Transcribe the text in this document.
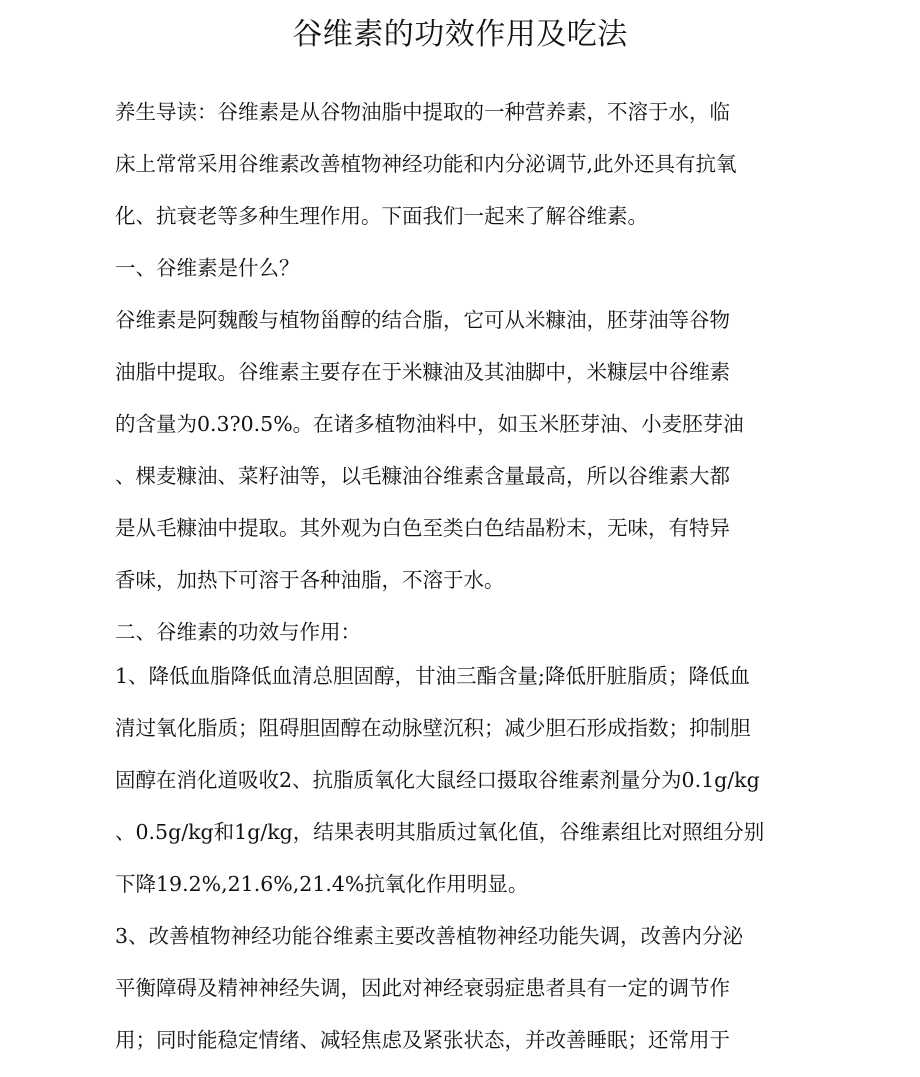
谷维素的功效作用及吃法
养生导读：谷维素是从谷物油脂中提取的一种营养素，不溶于水，临
床上常常采用谷维素改善植物神经功能和内分泌调节,此外还具有抗氧
化、抗衰老等多种生理作用。下面我们一起来了解谷维素。
一、谷维素是什么？
谷维素是阿魏酸与植物甾醇的结合脂，它可从米糠油，胚芽油等谷物
油脂中提取。谷维素主要存在于米糠油及其油脚中，米糠层中谷维素
的含量为0.3?0.5%。在诸多植物油料中，如玉米胚芽油、小麦胚芽油
、棵麦糠油、菜籽油等，以毛糠油谷维素含量最高，所以谷维素大都
是从毛糠油中提取。其外观为白色至类白色结晶粉末，无味，有特异
香味，加热下可溶于各种油脂，不溶于水。
二、谷维素的功效与作用：
1、降低血脂降低血清总胆固醇，甘油三酯含量;降低肝脏脂质；降低血
清过氧化脂质；阻碍胆固醇在动脉壁沉积；减少胆石形成指数；抑制胆
固醇在消化道吸收2、抗脂质氧化大鼠经口摄取谷维素剂量分为0.1g/kg
、0.5g/kg和1g/kg，结果表明其脂质过氧化值，谷维素组比对照组分别
下降19.2%,21.6%,21.4%抗氧化作用明显。
3、改善植物神经功能谷维素主要改善植物神经功能失调，改善内分泌
平衡障碍及精神神经失调，因此对神经衰弱症患者具有一定的调节作
用；同时能稳定情绪、减轻焦虑及紧张状态，并改善睡眠；还常用于
